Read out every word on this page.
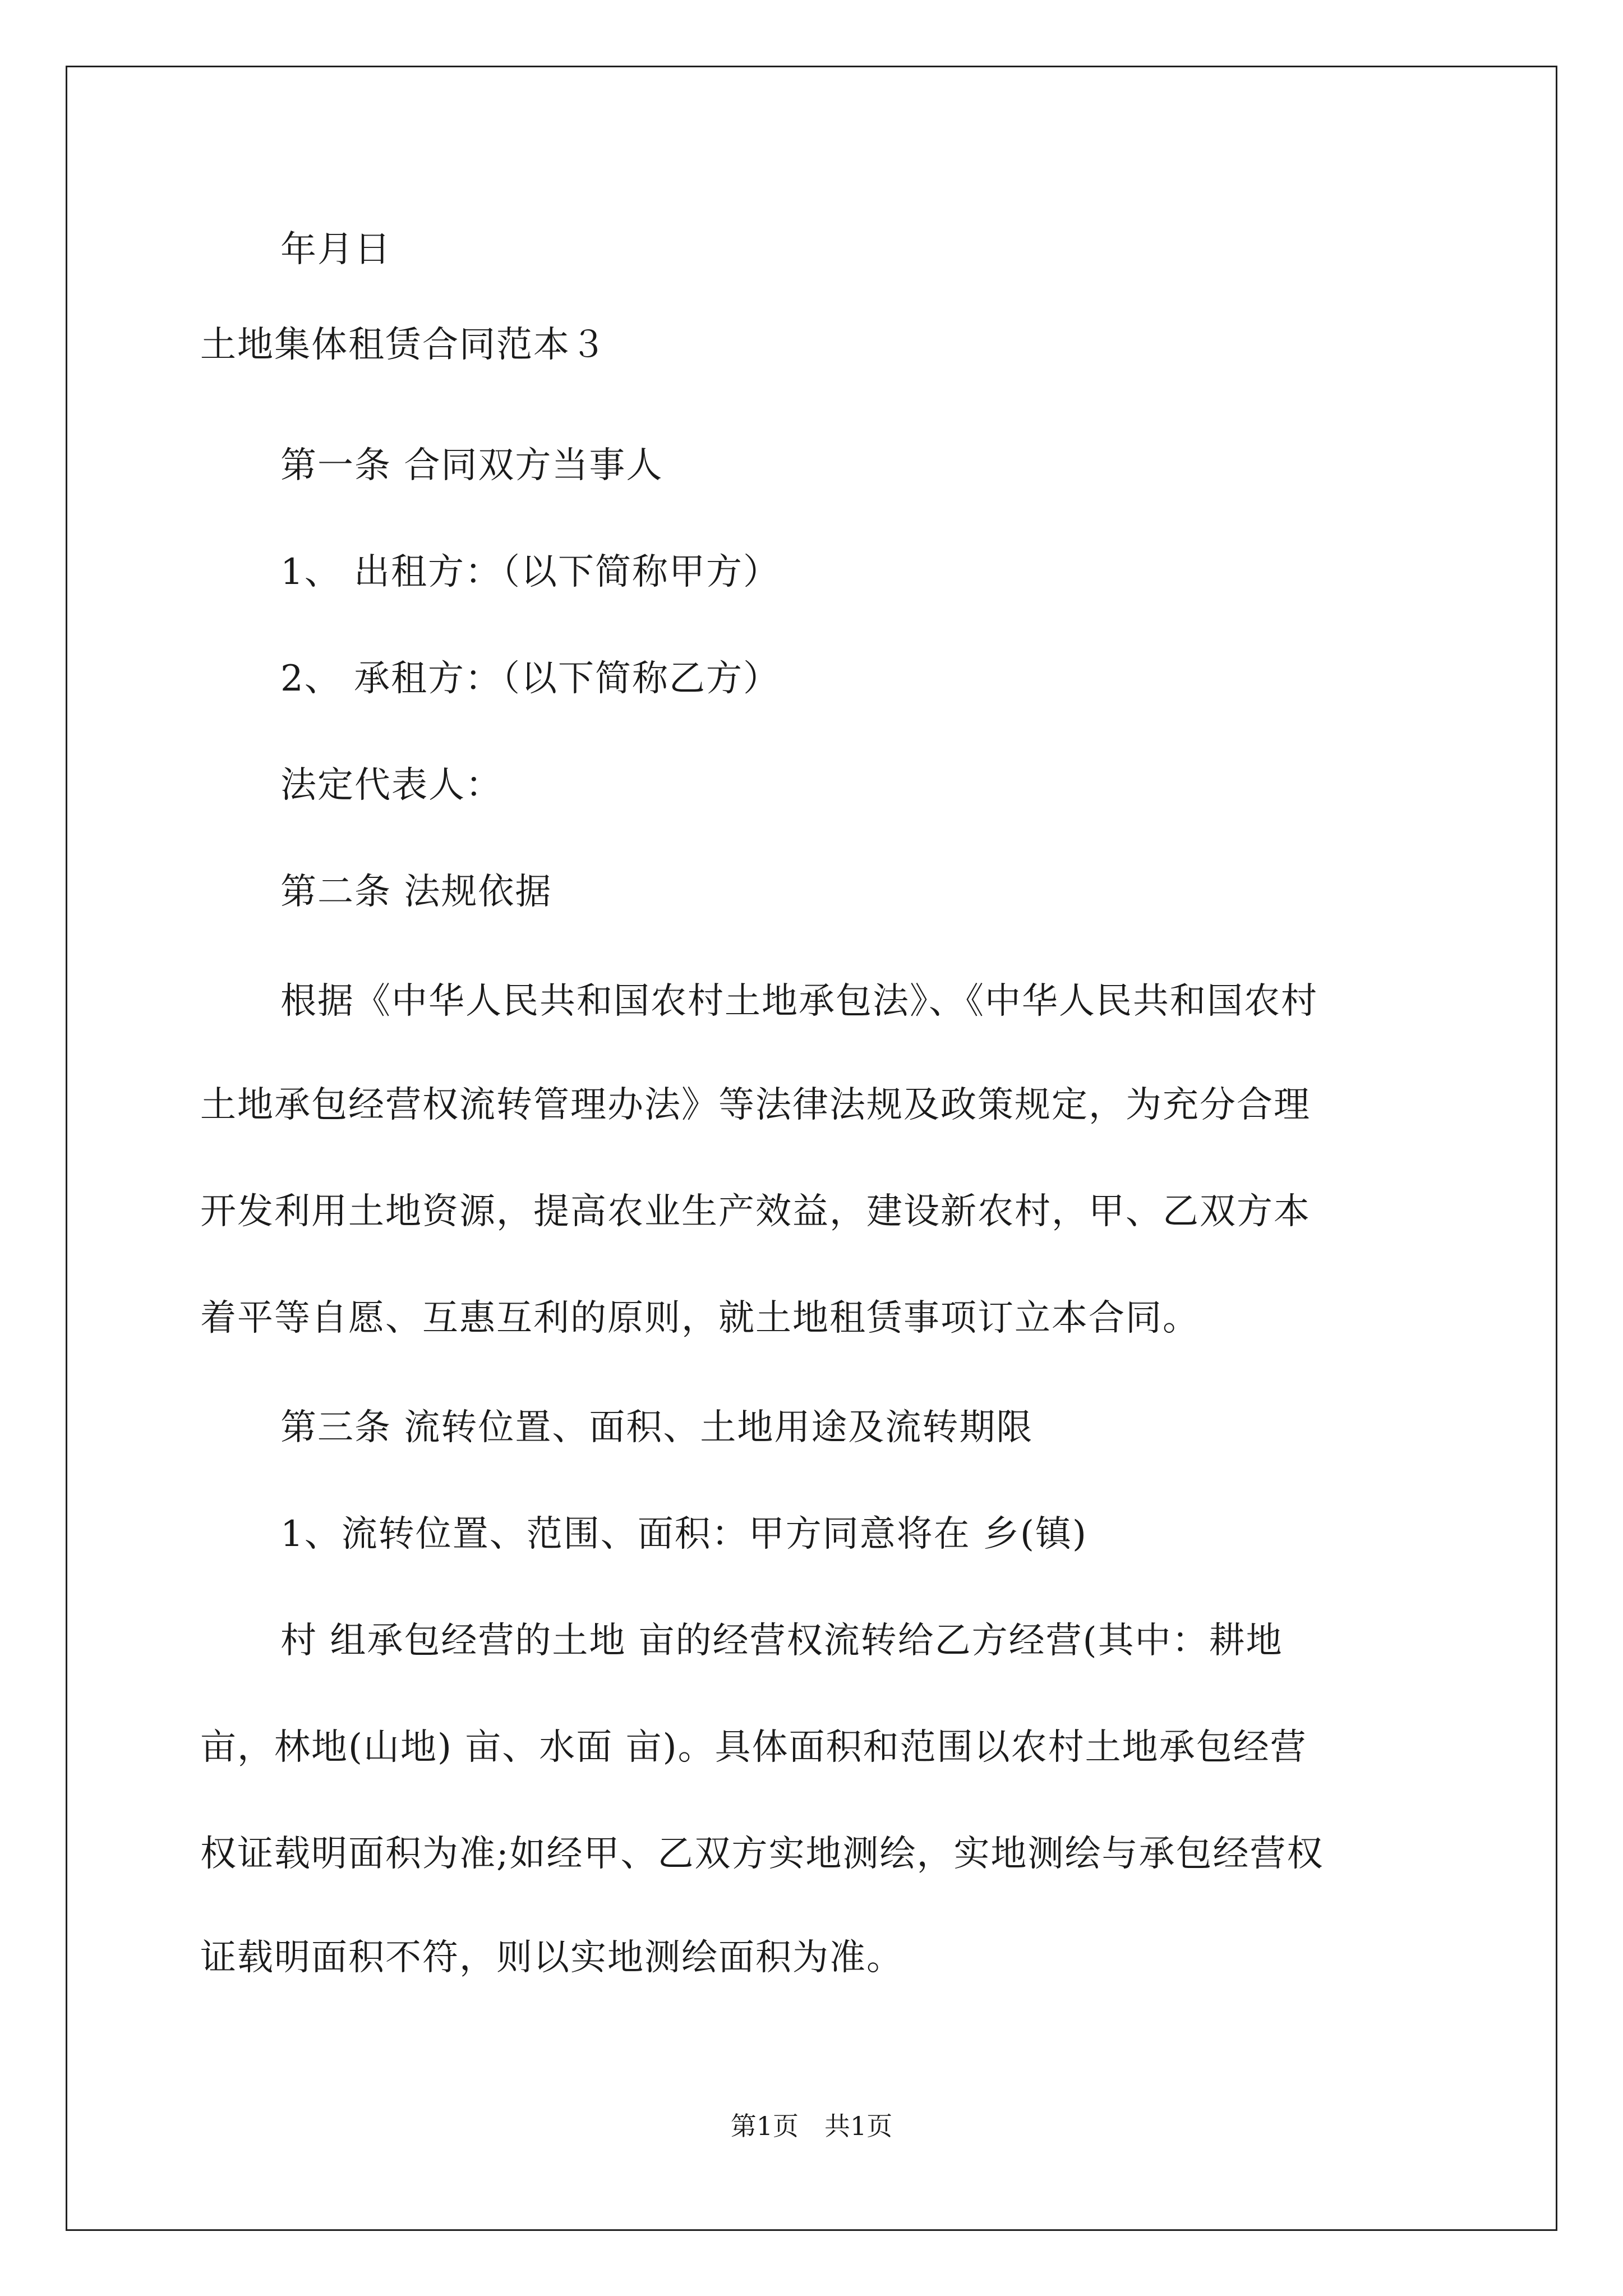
年月日
土地集体租赁合同范本３
第一条 合同双方当事人
1、 出租方：（以下简称甲方）
2、 承租方：（以下简称乙方）
法定代表人：
第二条 法规依据
根据《中华人民共和国农村土地承包法》、《中华人民共和国农村
土地承包经营权流转管理办法》等法律法规及政策规定，为充分合理
开发利用土地资源，提高农业生产效益，建设新农村，甲、乙双方本
着平等自愿、互惠互利的原则，就土地租赁事项订立本合同。
第三条 流转位置、面积、土地用途及流转期限
1、流转位置、范围、面积：甲方同意将在 乡(镇)
村 组承包经营的土地 亩的经营权流转给乙方经营(其中：耕地
亩，林地(山地) 亩、水面 亩)。具体面积和范围以农村土地承包经营
权证载明面积为准;如经甲、乙双方实地测绘，实地测绘与承包经营权
证载明面积不符，则以实地测绘面积为准。
第1页　共1页
